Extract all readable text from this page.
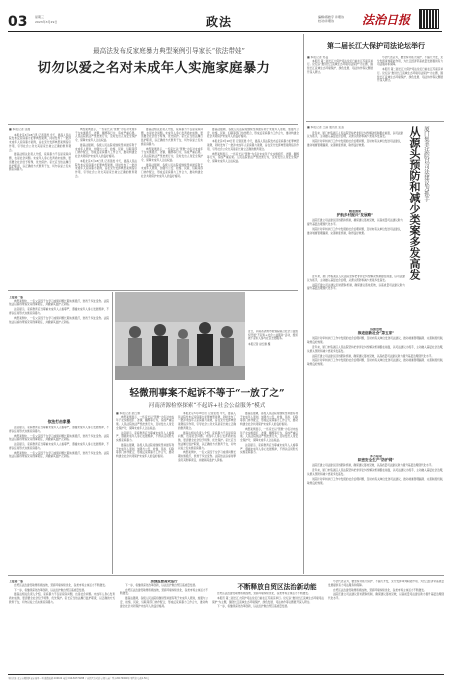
03	星期三
2023年3月29日	政法	编辑/蒋皓宇 许理诗
校对/许理诗	法治日报
最高法发布反家庭暴力典型案例引导家长“依法带娃”
切勿以爱之名对未成年人实施家庭暴力
■ 本报记者 张晨

本报北京3月28日讯 记者张晨 今天，最高人民法院发布反家庭暴力犯罪典型案例，同时发布了一批涉未成年人家庭暴力案例，旨在充分发挥典型案例指引作用，引导社会公众尤其是家长树立正确的教育观念。

最高法相关负责人介绍，家庭暴力不仅是家庭问题，也是社会问题。未成年人身心发育尚未成熟，更需要全社会给予特殊、优先保护。家长应当依法履行监护职责，以正确的方式教育子女，切勿以爱之名实施家庭暴力。

典型案例显示，一些家长以“管教”为名对未成年子女实施殴打、冻饿、捆绑等行为，造成严重后果。人民法院依法严惩此类行为，及时发出人身安全保护令，保障未成年人合法权益。

最高法强调，各级人民法院将继续坚持最有利于未成年人原则，加强与公安、检察、民政、妇联等部门协作配合，形成反家庭暴力工作合力，推动构建全社会共同保护未成年人的良好格局。

本报北京3月28日讯 记者张晨 今天，最高人民法院发布反家庭暴力犯罪典型案例，同时发布了一批涉未成年人家庭暴力案例，旨在充分发挥典型案例指引作用，引导社会公众尤其是家长树立正确的教育观念。

最高法相关负责人介绍，家庭暴力不仅是家庭问题，也是社会问题。未成年人身心发育尚未成熟，更需要全社会给予特殊、优先保护。家长应当依法履行监护职责，以正确的方式教育子女，切勿以爱之名实施家庭暴力。

典型案例显示，一些家长以“管教”为名对未成年子女实施殴打、冻饿、捆绑等行为，造成严重后果。人民法院依法严惩此类行为，及时发出人身安全保护令，保障未成年人合法权益。

最高法强调，各级人民法院将继续坚持最有利于未成年人原则，加强与公安、检察、民政、妇联等部门协作配合，形成反家庭暴力工作合力，推动构建全社会共同保护未成年人的良好格局。

最高法强调，各级人民法院将继续坚持最有利于未成年人原则，加强与公安、检察、民政、妇联等部门协作配合，形成反家庭暴力工作合力，推动构建全社会共同保护未成年人的良好格局。

本报北京3月28日讯 记者张晨 今天，最高人民法院发布反家庭暴力犯罪典型案例，同时发布了一批涉未成年人家庭暴力案例，旨在充分发挥典型案例指引作用，引导社会公众尤其是家长树立正确的教育观念。

典型案例显示，一些家长以“管教”为名对未成年子女实施殴打、冻饿、捆绑等行为，造成严重后果。人民法院依法严惩此类行为，及时发出人身安全保护令，保障未成年人合法权益。

第二届长江大保护司法论坛举行
■ 本报记者 郑良

本报讯 第二届长江大保护司法论坛日前在江苏南京举行。论坛以“推进长江流域生态环境司法保护”为主题，围绕长江流域生态环境保护、绿色发展、司法协作等议题展开深入研讨。

与会代表认为，要坚持共抓大保护、不搞大开发，充分发挥审判职能作用，为长江经济带高质量发展提供有力司法服务和保障。

本报讯 第二届长江大保护司法论坛日前在江苏南京举行。论坛以“推进长江流域生态环境司法保护”为主题，围绕长江流域生态环境保护、绿色发展、司法协作等议题展开深入研讨。

■ 本报记者 王丽 通讯员 张凌

近年来，厦门市集美区人民法院坚持把非诉讼纠纷解决机制挺在前面，以司法建议为抓手，主动融入基层社会治理，从源头预防和减少类案多发高发。

该院针对审判执行工作中发现的社会治理问题，及时向有关单位发送司法建议，推动堵塞管理漏洞、完善制度机制，取得良好效果。	厦门集美法院以司法建议为抓手
从源头预防和减少类案多发高发
精准施策
护航乡村振兴“发展路”

法院还建立司法建议回访跟踪机制，确保建议落地见效，以高质量司法建议助力提升基层治理现代化水平。

该院针对审判执行工作中发现的社会治理问题，及时向有关单位发送司法建议，推动堵塞管理漏洞、完善制度机制，取得良好效果。

近年来，厦门市集美区人民法院坚持把非诉讼纠纷解决机制挺在前面，以司法建议为抓手，主动融入基层社会治理，从源头预防和减少类案多发高发。

法院还建立司法建议回访跟踪机制，确保建议落地见效，以高质量司法建议助力提升基层治理现代化水平。

诉源治理
推进创新社会“第五家”

该院针对审判执行工作中发现的社会治理问题，及时向有关单位发送司法建议，推动堵塞管理漏洞、完善制度机制，取得良好效果。

近年来，厦门市集美区人民法院坚持把非诉讼纠纷解决机制挺在前面，以司法建议为抓手，主动融入基层社会治理，从源头预防和减少类案多发高发。

法院还建立司法建议回访跟踪机制，确保建议落地见效，以高质量司法建议助力提升基层治理现代化水平。

该院针对审判执行工作中发现的社会治理问题，及时向有关单位发送司法建议，推动堵塞管理漏洞、完善制度机制，取得良好效果。

多方联动
织密安全生产“防护网”

法院还建立司法建议回访跟踪机制，确保建议落地见效，以高质量司法建议助力提升基层治理现代化水平。

近年来，厦门市集美区人民法院坚持把非诉讼纠纷解决机制挺在前面，以司法建议为抓手，主动融入基层社会治理，从源头预防和减少类案多发高发。

该院针对审判执行工作中发现的社会治理问题，及时向有关单位发送司法建议，推动堵塞管理漏洞、完善制度机制，取得良好效果。

上接第一版

典型案例中，一名父亲因子女学习成绩问题长期实施殴打，致孩子多处受伤。法院依法以虐待罪追究其刑事责任，并撤销其监护人资格。

法官提示，家庭教育应当尊重未成年人人格尊严，遵循未成年人身心发展规律，不得以任何形式实施家庭暴力。

典型案例中，一名父亲因子女学习成绩问题长期实施殴打，致孩子多处受伤。法院依法以虐待罪追究其刑事责任，并撤销其监护人资格。

依法打击家暴

法官提示，家庭教育应当尊重未成年人人格尊严，遵循未成年人身心发展规律，不得以任何形式实施家庭暴力。

典型案例中，一名父亲因子女学习成绩问题长期实施殴打，致孩子多处受伤。法院依法以虐待罪追究其刑事责任，并撤销其监护人资格。

法官提示，家庭教育应当尊重未成年人人格尊严，遵循未成年人身心发展规律，不得以任何形式实施家庭暴力。

典型案例中，一名父亲因子女学习成绩问题长期实施殴打，致孩子多处受伤。法院依法以虐待罪追究其刑事责任，并撤销其监护人资格。

近日，河南省济源市检察院联合社会公益组织开展“不起诉+社会公益服务”活动，组织被不起诉人参与社区志愿服务。
本报记者 赵红旗 摄
轻微刑事案不起诉不等于“一放了之”
河南济源检察探索“不起诉+社会公益服务”模式
■ 本报记者 赵红旗

典型案例显示，一些家长以“管教”为名对未成年子女实施殴打、冻饿、捆绑等行为，造成严重后果。人民法院依法严惩此类行为，及时发出人身安全保护令，保障未成年人合法权益。

法官提示，家庭教育应当尊重未成年人人格尊严，遵循未成年人身心发展规律，不得以任何形式实施家庭暴力。

最高法强调，各级人民法院将继续坚持最有利于未成年人原则，加强与公安、检察、民政、妇联等部门协作配合，形成反家庭暴力工作合力，推动构建全社会共同保护未成年人的良好格局。

本报北京3月28日讯 记者张晨 今天，最高人民法院发布反家庭暴力犯罪典型案例，同时发布了一批涉未成年人家庭暴力案例，旨在充分发挥典型案例指引作用，引导社会公众尤其是家长树立正确的教育观念。

最高法相关负责人介绍，家庭暴力不仅是家庭问题，也是社会问题。未成年人身心发育尚未成熟，更需要全社会给予特殊、优先保护。家长应当依法履行监护职责，以正确的方式教育子女，切勿以爱之名实施家庭暴力。

典型案例中，一名父亲因子女学习成绩问题长期实施殴打，致孩子多处受伤。法院依法以虐待罪追究其刑事责任，并撤销其监护人资格。

最高法强调，各级人民法院将继续坚持最有利于未成年人原则，加强与公安、检察、民政、妇联等部门协作配合，形成反家庭暴力工作合力，推动构建全社会共同保护未成年人的良好格局。

典型案例显示，一些家长以“管教”为名对未成年子女实施殴打、冻饿、捆绑等行为，造成严重后果。人民法院依法严惩此类行为，及时发出人身安全保护令，保障未成年人合法权益。

法官提示，家庭教育应当尊重未成年人人格尊严，遵循未成年人身心发展规律，不得以任何形式实施家庭暴力。

上接第一版

自贸区法治建设取得积极成效，营商环境持续优化，各类市场主体活力不断激发。

下一步，将继续深化改革创新，以法治护航自贸区高质量发展。

最高法相关负责人介绍，家庭暴力不仅是家庭问题，也是社会问题。未成年人身心发育尚未成熟，更需要全社会给予特殊、优先保护。家长应当依法履行监护职责，以正确的方式教育子女，切勿以爱之名实施家庭暴力。

加强监督高效运行

下一步，将继续深化改革创新，以法治护航自贸区高质量发展。

自贸区法治建设取得积极成效，营商环境持续优化，各类市场主体活力不断激发。

最高法强调，各级人民法院将继续坚持最有利于未成年人原则，加强与公安、检察、民政、妇联等部门协作配合，形成反家庭暴力工作合力，推动构建全社会共同保护未成年人的良好格局。

不断释放自贸区法治新动能

自贸区法治建设取得积极成效，营商环境持续优化，各类市场主体活力不断激发。

本报讯 第二届长江大保护司法论坛日前在江苏南京举行。论坛以“推进长江流域生态环境司法保护”为主题，围绕长江流域生态环境保护、绿色发展、司法协作等议题展开深入研讨。

下一步，将继续深化改革创新，以法治护航自贸区高质量发展。

与会代表认为，要坚持共抓大保护、不搞大开发，充分发挥审判职能作用，为长江经济带高质量发展提供有力司法服务和保障。

自贸区法治建设取得积极成效，营商环境持续优化，各类市场主体活力不断激发。

法院还建立司法建议回访跟踪机制，确保建议落地见效，以高质量司法建议助力提升基层治理现代化水平。

本社社址:北京市朝阳区花家地甲一号 邮政编码:100102 电话:010-84772288 广告经营许可证:京朝工商广登字20170009号 零售价:每份1.50元
